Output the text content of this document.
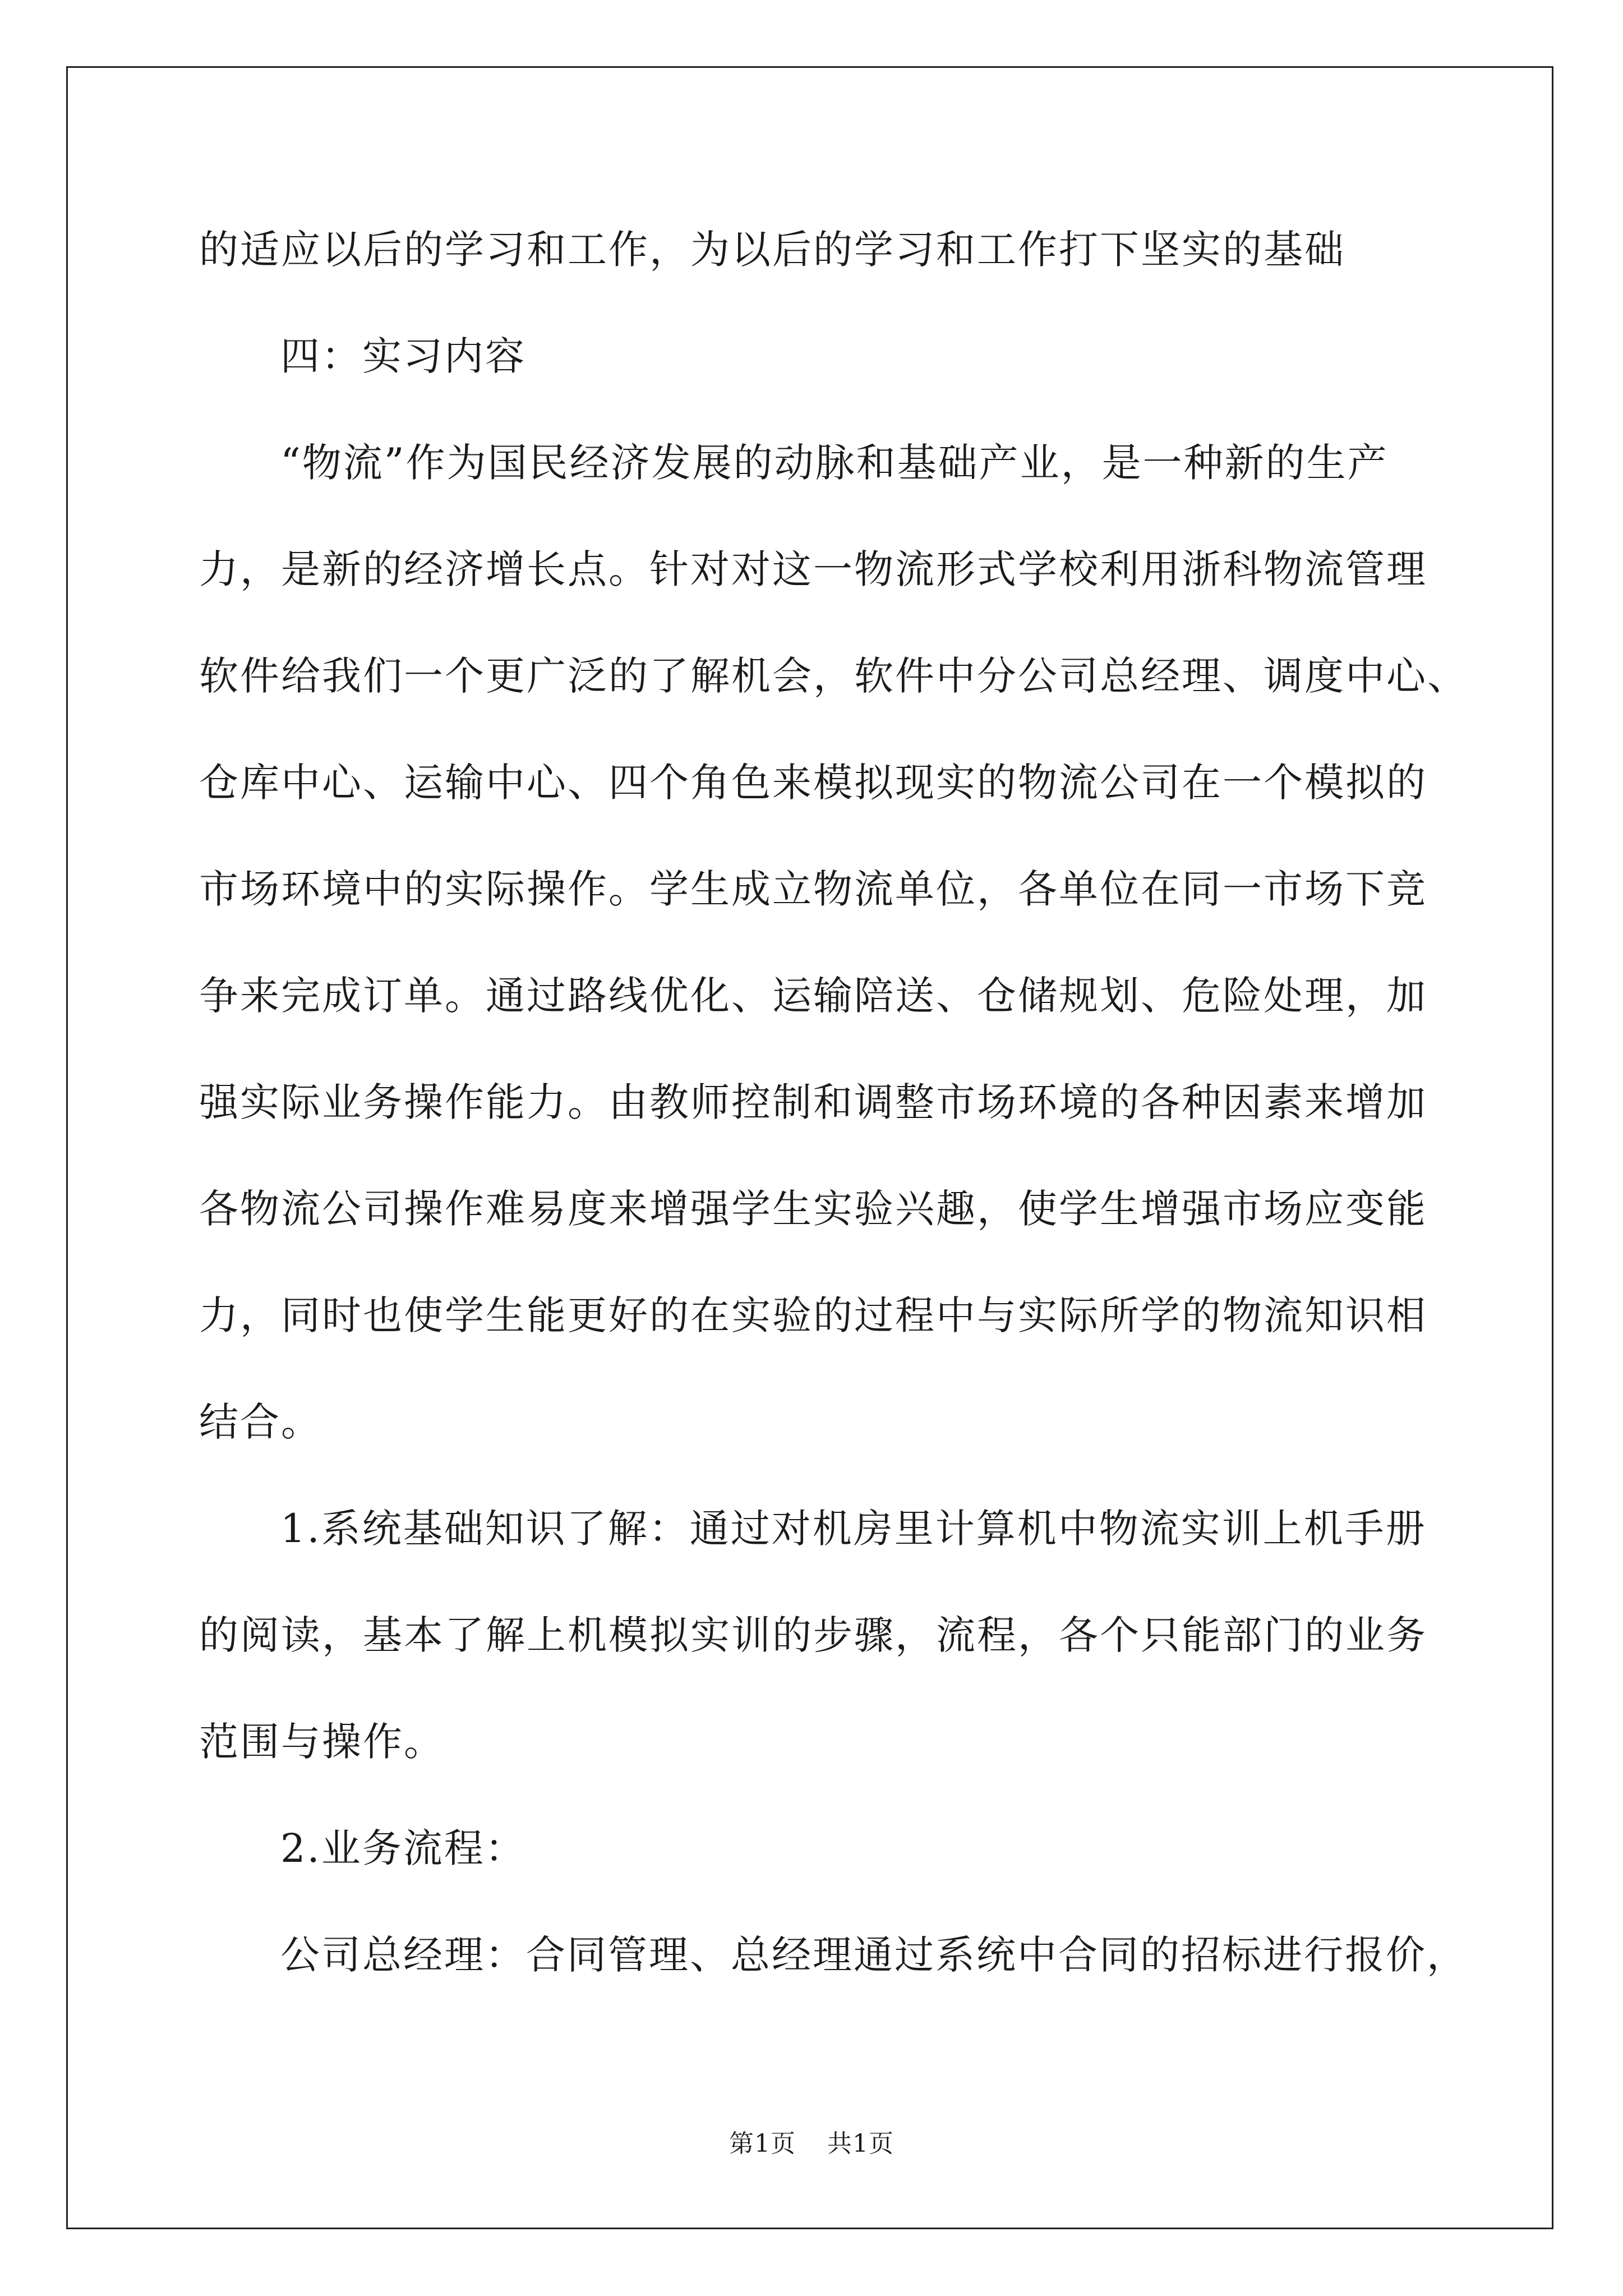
的适应以后的学习和工作，为以后的学习和工作打下坚实的基础
四：实习内容
“物流”作为国民经济发展的动脉和基础产业，是一种新的生产
力，是新的经济增长点。针对对这一物流形式学校利用浙科物流管理
软件给我们一个更广泛的了解机会，软件中分公司总经理、调度中心、
仓库中心、运输中心、四个角色来模拟现实的物流公司在一个模拟的
市场环境中的实际操作。学生成立物流单位，各单位在同一市场下竞
争来完成订单。通过路线优化、运输陪送、仓储规划、危险处理，加
强实际业务操作能力。由教师控制和调整市场环境的各种因素来增加
各物流公司操作难易度来增强学生实验兴趣，使学生增强市场应变能
力，同时也使学生能更好的在实验的过程中与实际所学的物流知识相
结合。
1.系统基础知识了解：通过对机房里计算机中物流实训上机手册
的阅读，基本了解上机模拟实训的步骤，流程，各个只能部门的业务
范围与操作。
2.业务流程：
公司总经理：合同管理、总经理通过系统中合同的招标进行报价，
第1页 共1页
